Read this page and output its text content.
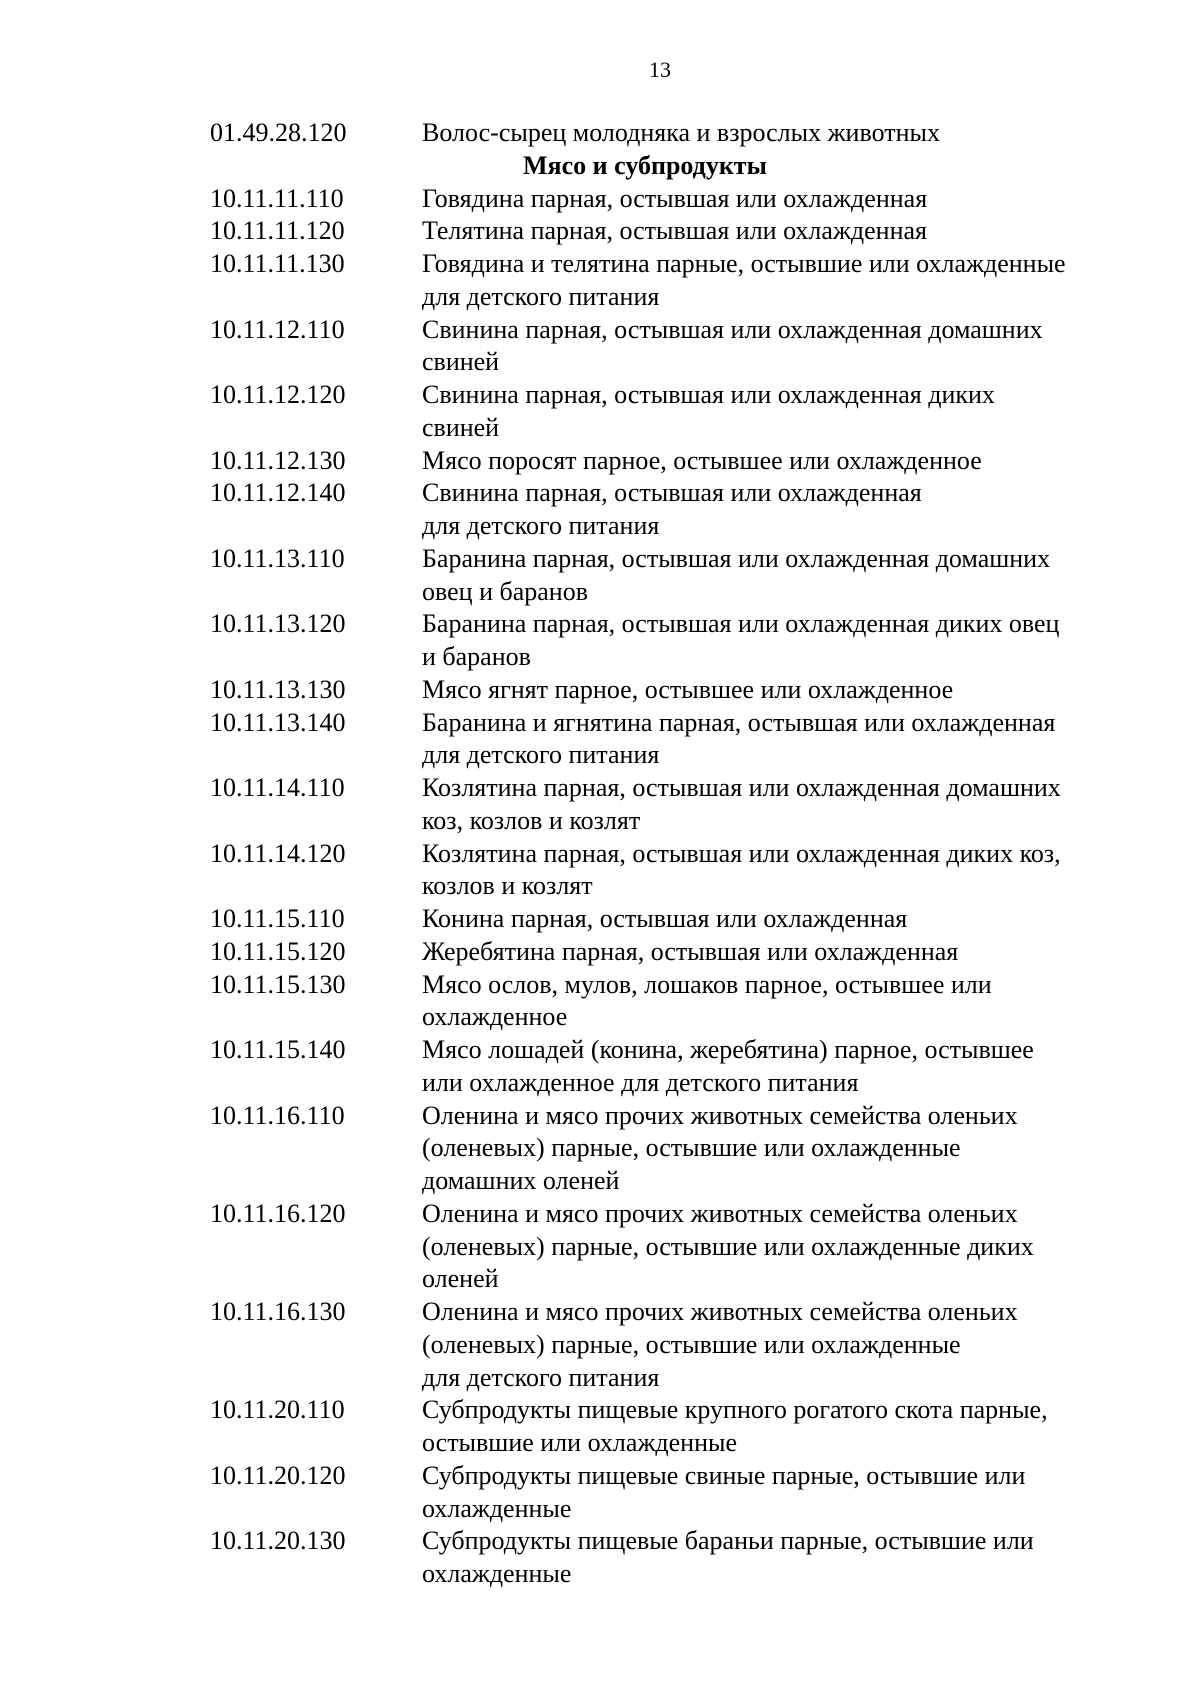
13
01.49.28.120	Волос-сырец молодняка и взрослых животных
Мясо и субпродукты
10.11.11.110	Говядина парная, остывшая или охлажденная
10.11.11.120	Телятина парная, остывшая или охлажденная
10.11.11.130	Говядина и телятина парные, остывшие или охлажденные
для детского питания
10.11.12.110	Свинина парная, остывшая или охлажденная домашних
свиней
10.11.12.120	Свинина парная, остывшая или охлажденная диких
свиней
10.11.12.130	Мясо поросят парное, остывшее или охлажденное
10.11.12.140	Свинина парная, остывшая или охлажденная
для детского питания
10.11.13.110	Баранина парная, остывшая или охлажденная домашних
овец и баранов
10.11.13.120	Баранина парная, остывшая или охлажденная диких овец
и баранов
10.11.13.130	Мясо ягнят парное, остывшее или охлажденное
10.11.13.140	Баранина и ягнятина парная, остывшая или охлажденная
для детского питания
10.11.14.110	Козлятина парная, остывшая или охлажденная домашних
коз, козлов и козлят
10.11.14.120	Козлятина парная, остывшая или охлажденная диких коз,
козлов и козлят
10.11.15.110	Конина парная, остывшая или охлажденная
10.11.15.120	Жеребятина парная, остывшая или охлажденная
10.11.15.130	Мясо ослов, мулов, лошаков парное, остывшее или
охлажденное
10.11.15.140	Мясо лошадей (конина, жеребятина) парное, остывшее
или охлажденное для детского питания
10.11.16.110	Оленина и мясо прочих животных семейства оленьих
(оленевых) парные, остывшие или охлажденные
домашних оленей
10.11.16.120	Оленина и мясо прочих животных семейства оленьих
(оленевых) парные, остывшие или охлажденные диких
оленей
10.11.16.130	Оленина и мясо прочих животных семейства оленьих
(оленевых) парные, остывшие или охлажденные
для детского питания
10.11.20.110	Субпродукты пищевые крупного рогатого скота парные,
остывшие или охлажденные
10.11.20.120	Субпродукты пищевые свиные парные, остывшие или
охлажденные
10.11.20.130	Субпродукты пищевые бараньи парные, остывшие или
охлажденные
